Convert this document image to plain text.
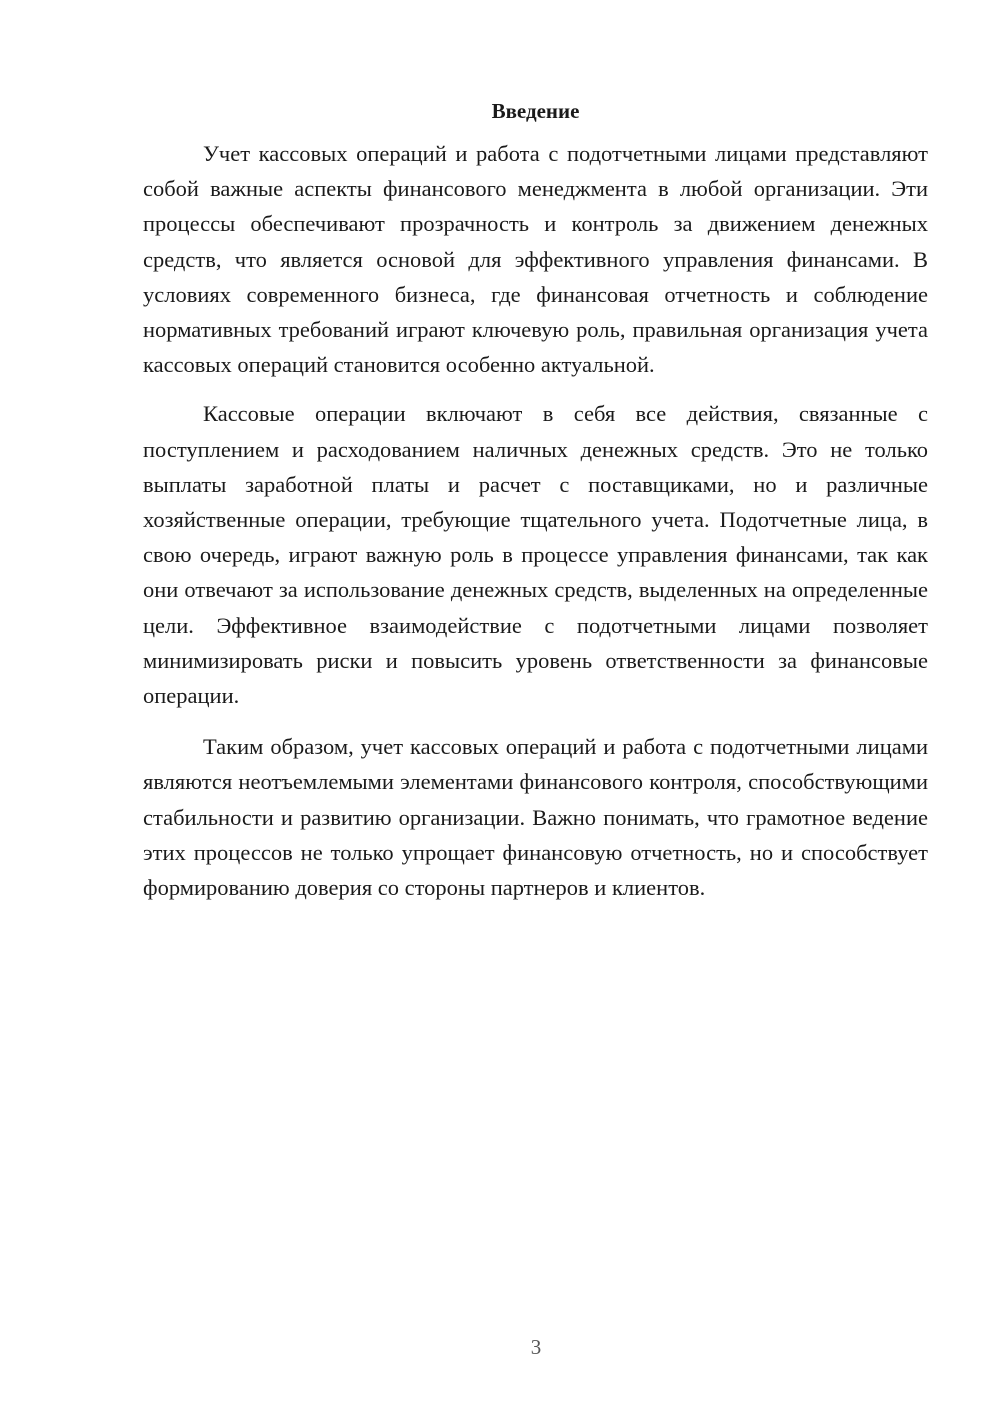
Введение

Учет кассовых операций и работа с подотчетными лицами представляют собой важные аспекты финансового менеджмента в любой организации. Эти процессы обеспечивают прозрачность и контроль за движением денежных средств, что является основой для эффективного управления финансами. В условиях современного бизнеса, где финансовая отчетность и соблюдение нормативных требований играют ключевую роль, правильная организация учета кассовых операций становится особенно актуальной.

Кассовые операции включают в себя все действия, связанные с поступлением и расходованием наличных денежных средств. Это не только выплаты заработной платы и расчет с поставщиками, но и различные хозяйственные операции, требующие тщательного учета. Подотчетные лица, в свою очередь, играют важную роль в процессе управления финансами, так как они отвечают за использование денежных средств, выделенных на определенные цели. Эффективное взаимодействие с подотчетными лицами позволяет минимизировать риски и повысить уровень ответственности за финансовые операции.

Таким образом, учет кассовых операций и работа с подотчетными лицами являются неотъемлемыми элементами финансового контроля, способствующими стабильности и развитию организации. Важно понимать, что грамотное ведение этих процессов не только упрощает финансовую отчетность, но и способствует формированию доверия со стороны партнеров и клиентов.

3
